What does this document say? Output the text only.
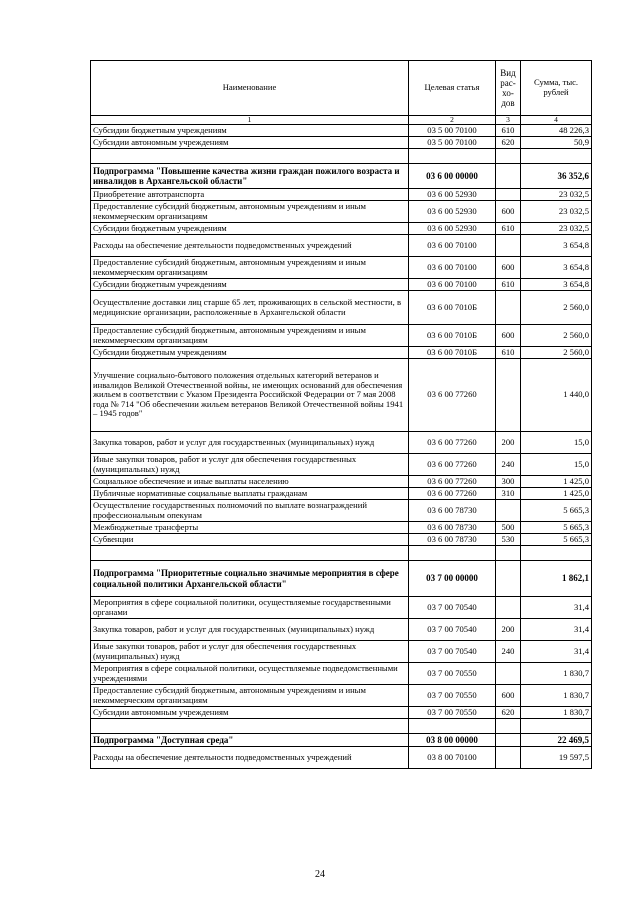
Наименование	Целевая статья	Вид рас-хо-дов	Сумма, тыс. рублей
1	2	3	4
Субсидии бюджетным учреждениям	03 5 00 70100	610	48 226,3
Субсидии автономным учреждениям	03 5 00 70100	620	50,9

Подпрограмма "Повышение качества жизни граждан пожилого возраста и инвалидов в Архангельской области"	03 6 00 00000		36 352,6
Приобретение автотранспорта	03 6 00 52930		23 032,5
Предоставление субсидий бюджетным, автономным учреждениям и иным некоммерческим организациям	03 6 00 52930	600	23 032,5
Субсидии бюджетным учреждениям	03 6 00 52930	610	23 032,5
Расходы на обеспечение деятельности подведомственных учреждений	03 6 00 70100		3 654,8
Предоставление субсидий бюджетным, автономным учреждениям и иным некоммерческим организациям	03 6 00 70100	600	3 654,8
Субсидии бюджетным учреждениям	03 6 00 70100	610	3 654,8
Осуществление доставки лиц старше 65 лет, проживающих в сельской местности, в медицинские организации, расположенные в Архангельской области	03 6 00 7010Б		2 560,0
Предоставление субсидий бюджетным, автономным учреждениям и иным некоммерческим организациям	03 6 00 7010Б	600	2 560,0
Субсидии бюджетным учреждениям	03 6 00 7010Б	610	2 560,0
Улучшение социально-бытового положения отдельных категорий ветеранов и инвалидов Великой Отечественной войны, не имеющих оснований для обеспечения жильем в соответствии с Указом Президента Российской Федерации от 7 мая 2008 года № 714 "Об обеспечении жильем ветеранов Великой Отечественной войны 1941 – 1945 годов"	03 6 00 77260		1 440,0
Закупка товаров, работ и услуг для государственных (муниципальных) нужд	03 6 00 77260	200	15,0
Иные закупки товаров, работ и услуг для обеспечения государственных (муниципальных) нужд	03 6 00 77260	240	15,0
Социальное обеспечение и иные выплаты населению	03 6 00 77260	300	1 425,0
Публичные нормативные социальные выплаты гражданам	03 6 00 77260	310	1 425,0
Осуществление государственных полномочий по выплате вознаграждений профессиональным опекунам	03 6 00 78730		5 665,3
Межбюджетные трансферты	03 6 00 78730	500	5 665,3
Субвенции	03 6 00 78730	530	5 665,3

Подпрограмма "Приоритетные социально значимые мероприятия в сфере социальной политики Архангельской области"	03 7 00 00000		1 862,1
Мероприятия в сфере социальной политики, осуществляемые государственными органами	03 7 00 70540		31,4
Закупка товаров, работ и услуг для государственных (муниципальных) нужд	03 7 00 70540	200	31,4
Иные закупки товаров, работ и услуг для обеспечения государственных (муниципальных) нужд	03 7 00 70540	240	31,4
Мероприятия в сфере социальной политики, осуществляемые подведомственными учреждениями	03 7 00 70550		1 830,7
Предоставление субсидий бюджетным, автономным учреждениям и иным некоммерческим организациям	03 7 00 70550	600	1 830,7
Субсидии автономным учреждениям	03 7 00 70550	620	1 830,7

Подпрограмма "Доступная среда"	03 8 00 00000		22 469,5
Расходы на обеспечение деятельности подведомственных учреждений	03 8 00 70100		19 597,5
24
